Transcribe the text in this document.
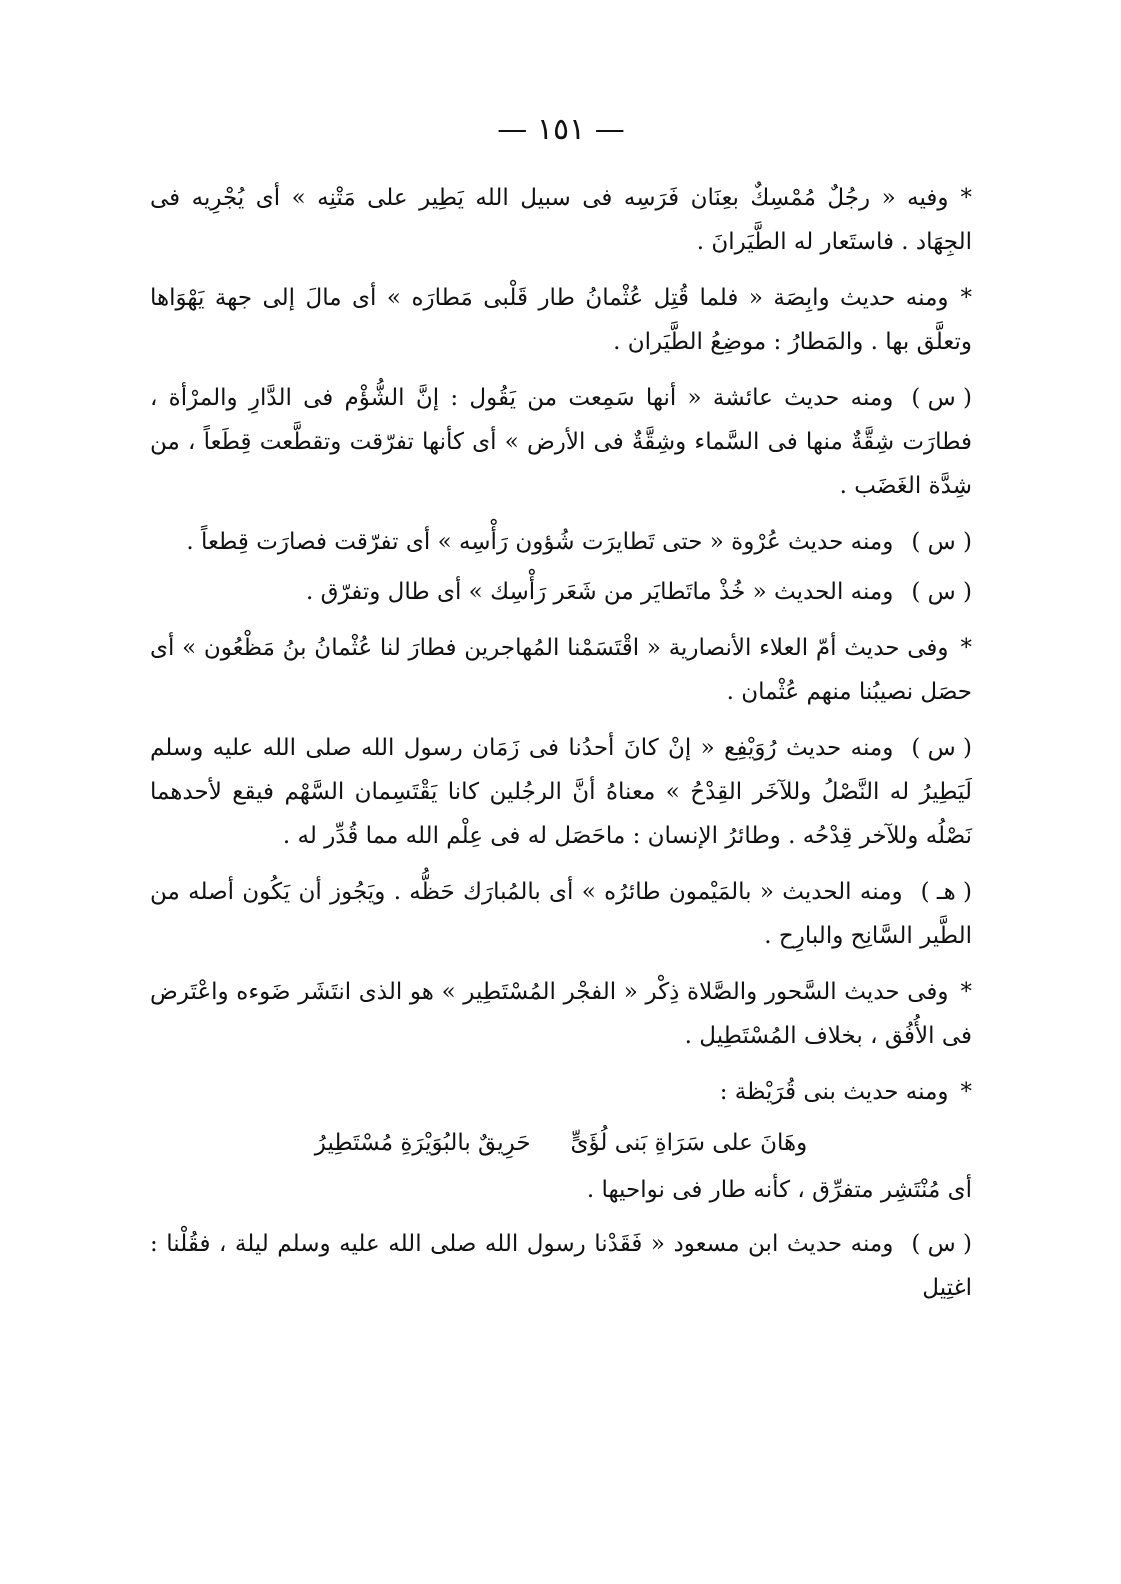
— ١٥١ —

*وفيه « رجُلٌ مُمْسِكٌ بعِنَان فَرَسِه فى سبيل الله يَطِير على مَتْنِه » أى يُجْرِيه فى الجِهَاد . فاستَعار له الطَّيَرانَ .

*ومنه حديث وابِصَة « فلما قُتِل عُثْمانُ طار قَلْبى مَطارَه » أى مالَ إلى جهة يَهْوَاها وتعلَّق بها . والمَطارُ : موضِعُ الطَّيَران .

( س )ومنه حديث عائشة « أنها سَمِعت من يَقُول : إنَّ الشُّؤْم فى الدَّارِ والمرْأة ، فطارَت شِقَّةٌ منها فى السَّماء وشِقَّةٌ فى الأرض » أى كأنها تفرّقت وتقطَّعت قِطَعاً ، من شِدَّة الغَضَب .

( س )ومنه حديث عُرْوة « حتى تَطايرَت شُؤون رَأْسِه » أى تفرّقت فصارَت قِطعاً .

( س )ومنه الحديث « خُذْ ماتَطايَر من شَعَر رَأْسِك » أى طال وتفرّق .

*وفى حديث أمّ العلاء الأنصارية « اقْتَسَمْنا المُهاجرين فطارَ لنا عُثْمانُ بنُ مَظْعُون » أى حصَل نصيبُنا منهم عُثْمان .

( س )ومنه حديث رُوَيْفِع « إنْ كانَ أحدُنا فى زَمَان رسول الله صلى الله عليه وسلم لَيَطِيرُ له النَّصْلُ وللآخَر القِدْحُ » معناهُ أنَّ الرجُلين كانا يَقْتَسِمان السَّهْم فيقع لأحدهما نَصْلُه وللآخر قِدْحُه . وطائرُ الإنسان : ماحَصَل له فى عِلْم الله مما قُدِّر له .

( هـ )ومنه الحديث « بالمَيْمون طائرُه » أى بالمُبارَك حَظُّه . ويَجُوز أن يَكُون أصله من الطَّير السَّانِح والبارِح .

*وفى حديث السَّحور والصَّلاة ذِكْر « الفجْر المُسْتَطِير » هو الذى انتَشَر ضَوءه واعْتَرض فى الأُفُق ، بخلاف المُسْتَطِيل .

*ومنه حديث بنى قُرَيْظة :

وهَانَ على سَرَاةِ بَنى لُؤَىٍّ
حَرِيقٌ بالبُوَيْرَةِ مُسْتَطِيرُ

أى مُنْتَشِر متفرِّق ، كأنه طار فى نواحيها .

( س )ومنه حديث ابن مسعود « فَقَدْنا رسول الله صلى الله عليه وسلم ليلة ، فقُلْنا : اغتِيل
